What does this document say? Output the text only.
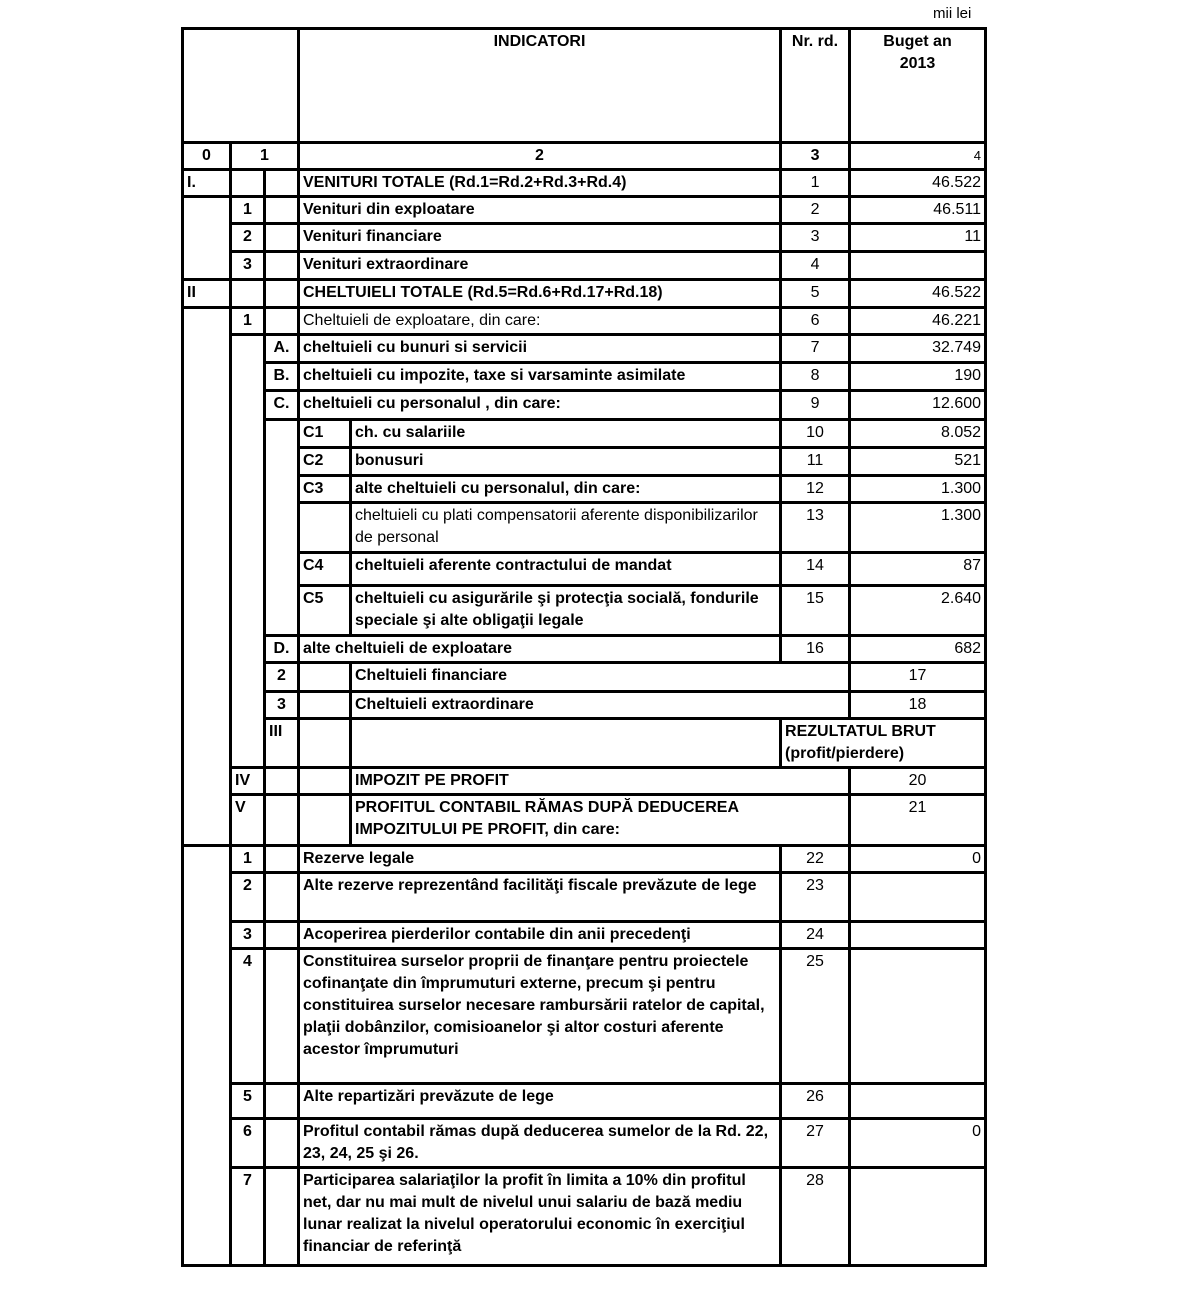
mii lei
			INDICATORI		Nr. rd.	Buget an
2013	

0	1		2		3	4	
I.			VENITURI TOTALE (Rd.1=Rd.2+Rd.3+Rd.4)		1	46.522	
	1		Venituri din exploatare		2	46.511	
	2		Venituri financiare		3	11	
	3		Venituri extraordinare		4		
II			CHELTUIELI TOTALE (Rd.5=Rd.6+Rd.17+Rd.18)		5	46.522	
	1		Cheltuieli de exploatare, din care:		6	46.221	
		A.	cheltuieli cu bunuri si servicii		7	32.749	
		B.	cheltuieli cu impozite, taxe si varsaminte asimilate		8	190	
		C.	cheltuieli cu personalul , din care:		9	12.600	
			C1	ch. cu salariile	10	8.052	
			C2	bonusuri	11	521	
			C3	alte cheltuieli cu personalul, din care:	12	1.300	
				cheltuieli cu plati compensatorii aferente disponibilizarilor de personal	13	1.300	
			C4	cheltuieli aferente contractului de mandat	14	87	
			C5	cheltuieli cu asigurările şi protecţia socială, fondurile speciale şi alte obligaţii legale	15	2.640	
		D.	alte cheltuieli de exploatare		16	682	
		2		Cheltuieli financiare		17	
		3		Cheltuieli extraordinare		18	
		III			REZULTATUL BRUT (profit/pierdere)		
	IV			IMPOZIT PE PROFIT		20	
	V			PROFITUL CONTABIL RĂMAS DUPĂ DEDUCEREA IMPOZITULUI PE PROFIT, din care:		21	
	1		Rezerve legale		22	0	
	2		Alte rezerve reprezentând facilităţi fiscale prevăzute de lege		23		
	3		Acoperirea pierderilor contabile din anii precedenţi		24		
	4		Constituirea surselor proprii de finanţare pentru proiectele cofinanţate din împrumuturi externe, precum şi pentru constituirea surselor necesare rambursării ratelor de capital, plaţii dobânzilor, comisioanelor şi altor costuri aferente acestor împrumuturi		25		
	5		Alte repartizări prevăzute de lege		26		
	6		Profitul contabil rămas după deducerea sumelor de la Rd. 22, 23, 24, 25 şi 26.		27	0	
	7		Participarea salariaţilor la profit în limita a 10% din profitul net, dar nu mai mult de nivelul unui salariu de bază mediu lunar realizat la nivelul operatorului economic în exerciţiul financiar de referinţă		28		
